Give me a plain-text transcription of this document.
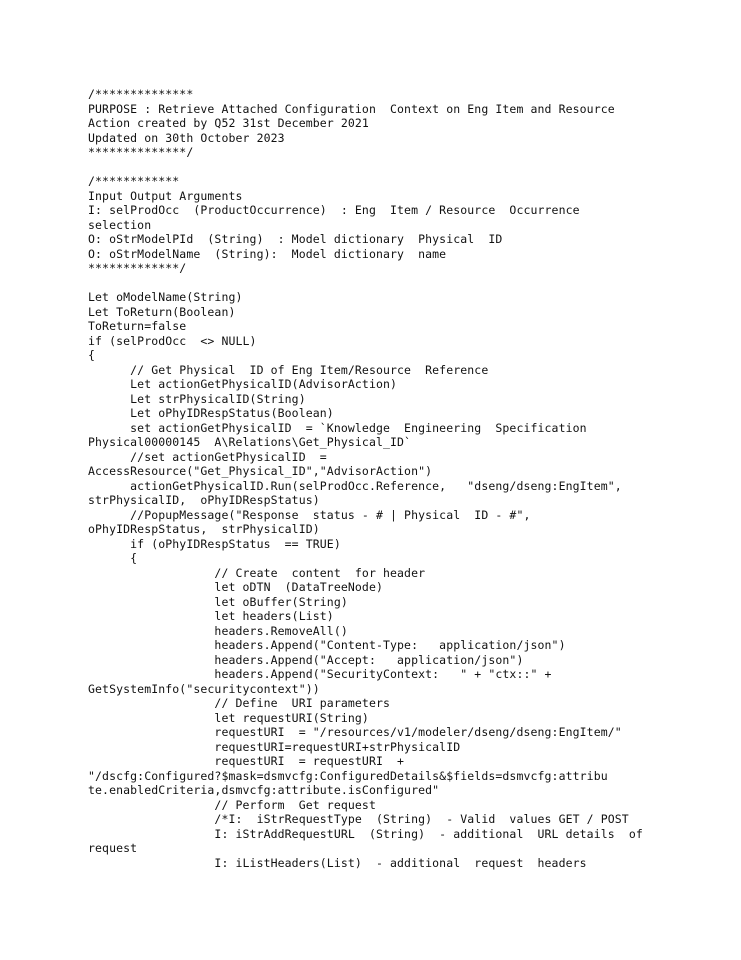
/**************
PURPOSE : Retrieve Attached Configuration  Context on Eng Item and Resource
Action created by Q52 31st December 2021
Updated on 30th October 2023
**************/
/************
Input Output Arguments
I: selProdOcc  (ProductOccurrence)  : Eng  Item / Resource  Occurrence
selection
O: oStrModelPId  (String)  : Model dictionary  Physical  ID
O: oStrModelName  (String):  Model dictionary  name
*************/
Let oModelName(String)
Let ToReturn(Boolean)
ToReturn=false
if (selProdOcc  <> NULL)
{
// Get Physical  ID of Eng Item/Resource  Reference
Let actionGetPhysicalID(AdvisorAction)
Let strPhysicalID(String)
Let oPhyIDRespStatus(Boolean)
set actionGetPhysicalID  = `Knowledge  Engineering  Specification
Physical00000145  A\Relations\Get_Physical_ID`
//set actionGetPhysicalID  =
AccessResource("Get_Physical_ID","AdvisorAction")
actionGetPhysicalID.Run(selProdOcc.Reference,   "dseng/dseng:EngItem",
strPhysicalID,  oPhyIDRespStatus)
//PopupMessage("Response  status - # | Physical  ID - #",
oPhyIDRespStatus,  strPhysicalID)
if (oPhyIDRespStatus  == TRUE)
{
// Create  content  for header
let oDTN  (DataTreeNode)
let oBuffer(String)
let headers(List)
headers.RemoveAll()
headers.Append("Content-Type:   application/json")
headers.Append("Accept:   application/json")
headers.Append("SecurityContext:   " + "ctx::" +
GetSystemInfo("securitycontext"))
// Define  URI parameters
let requestURI(String)
requestURI  = "/resources/v1/modeler/dseng/dseng:EngItem/"
requestURI=requestURI+strPhysicalID
requestURI  = requestURI  +
"/dscfg:Configured?$mask=dsmvcfg:ConfiguredDetails&$fields=dsmvcfg:attribu
te.enabledCriteria,dsmvcfg:attribute.isConfigured"
// Perform  Get request
/*I:  iStrRequestType  (String)  - Valid  values GET / POST
I: iStrAddRequestURL  (String)  - additional  URL details  of
request
I: iListHeaders(List)  - additional  request  headers
